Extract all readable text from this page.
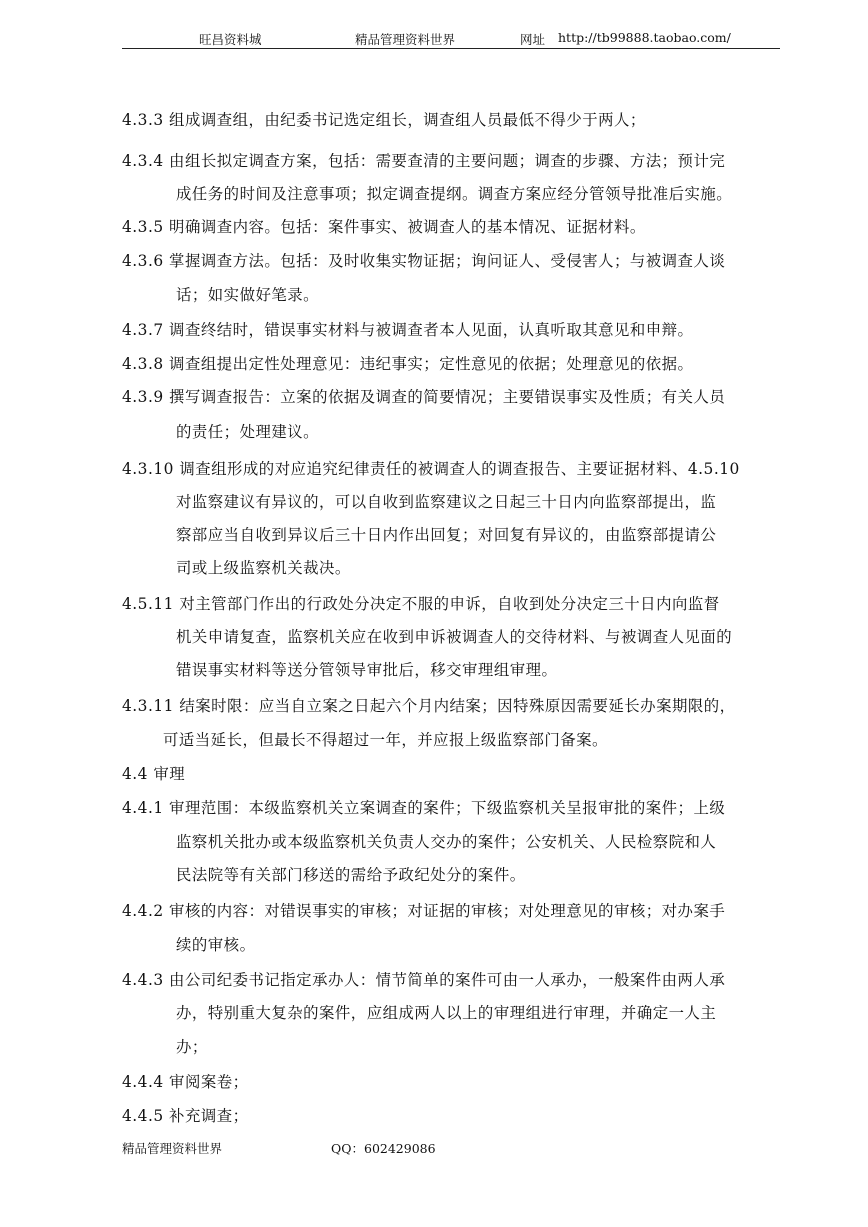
旺昌资料城	精品管理资料世界	网址 http://tb99888.taobao.com/
4.3.3 组成调查组，由纪委书记选定组长，调查组人员最低不得少于两人；
4.3.4 由组长拟定调查方案，包括：需要查清的主要问题；调查的步骤、方法；预计完
成任务的时间及注意事项；拟定调查提纲。调查方案应经分管领导批准后实施。
4.3.5 明确调查内容。包括：案件事实、被调查人的基本情况、证据材料。
4.3.6 掌握调查方法。包括：及时收集实物证据；询问证人、受侵害人；与被调查人谈
话；如实做好笔录。
4.3.7 调查终结时，错误事实材料与被调查者本人见面，认真听取其意见和申辩。
4.3.8 调查组提出定性处理意见：违纪事实；定性意见的依据；处理意见的依据。
4.3.9 撰写调查报告：立案的依据及调查的简要情况；主要错误事实及性质；有关人员
的责任；处理建议。
4.3.10 调查组形成的对应追究纪律责任的被调查人的调查报告、主要证据材料、4.5.10
对监察建议有异议的，可以自收到监察建议之日起三十日内向监察部提出，监
察部应当自收到异议后三十日内作出回复；对回复有异议的，由监察部提请公
司或上级监察机关裁决。
4.5.11 对主管部门作出的行政处分决定不服的申诉，自收到处分决定三十日内向监督
机关申请复查，监察机关应在收到申诉被调查人的交待材料、与被调查人见面的
错误事实材料等送分管领导审批后，移交审理组审理。
4.3.11 结案时限：应当自立案之日起六个月内结案；因特殊原因需要延长办案期限的，
可适当延长，但最长不得超过一年，并应报上级监察部门备案。
4.4 审理
4.4.1 审理范围：本级监察机关立案调查的案件；下级监察机关呈报审批的案件；上级
监察机关批办或本级监察机关负责人交办的案件；公安机关、人民检察院和人
民法院等有关部门移送的需给予政纪处分的案件。
4.4.2 审核的内容：对错误事实的审核；对证据的审核；对处理意见的审核；对办案手
续的审核。
4.4.3 由公司纪委书记指定承办人：情节简单的案件可由一人承办，一般案件由两人承
办，特别重大复杂的案件，应组成两人以上的审理组进行审理，并确定一人主
办；
4.4.4 审阅案卷；
4.4.5 补充调查；
精品管理资料世界	QQ：602429086
